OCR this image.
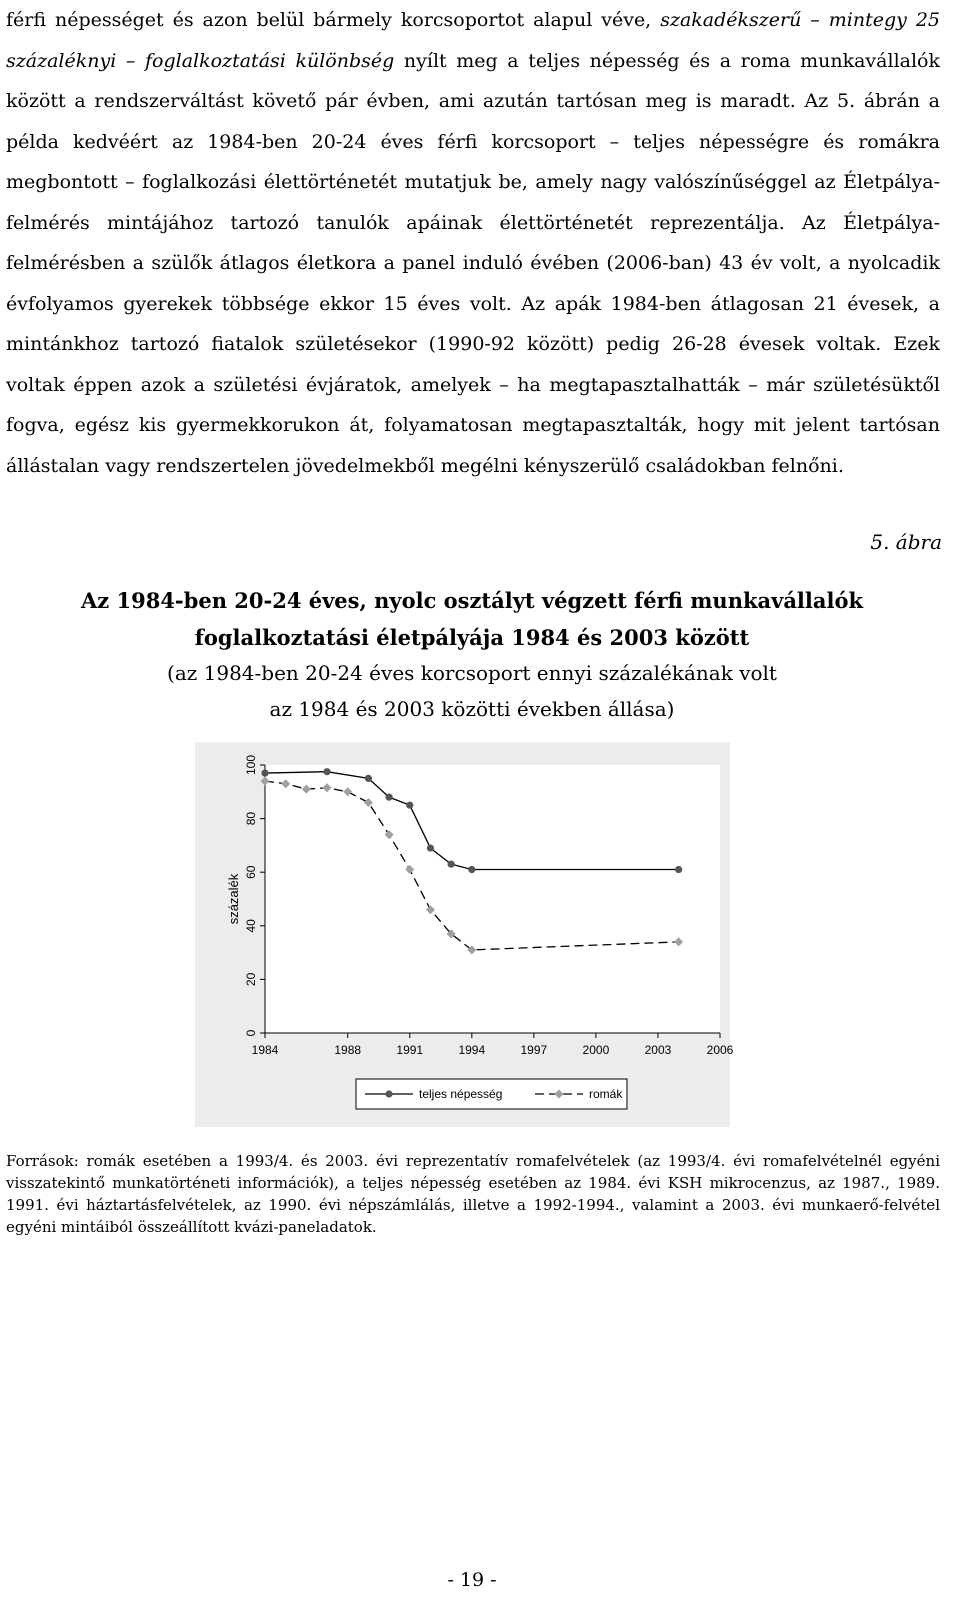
férfi népességet és azon belül bármely korcsoportot alapul véve, szakadékszerű – mintegy 25 százaléknyi – foglalkoztatási különbség nyílt meg a teljes népesség és a roma munkavállalók között a rendszerváltást követő pár évben, ami azután tartósan meg is maradt. Az 5. ábrán a példa kedvéért az 1984-ben 20-24 éves férfi korcsoport – teljes népességre és romákra megbontott – foglalkozási élettörténetét mutatjuk be, amely nagy valószínűséggel az Életpálya-felmérés mintájához tartozó tanulók apáinak élettörténetét reprezentálja. Az Életpálya-felmérésben a szülők átlagos életkora a panel induló évében (2006-ban) 43 év volt, a nyolcadik évfolyamos gyerekek többsége ekkor 15 éves volt. Az apák 1984-ben átlagosan 21 évesek, a mintánkhoz tartozó fiatalok születésekor (1990-92 között) pedig 26-28 évesek voltak. Ezek voltak éppen azok a születési évjáratok, amelyek – ha megtapasztalhatták – már születésüktől fogva, egész kis gyermekkorukon át, folyamatosan megtapasztalták, hogy mit jelent tartósan állástalan vagy rendszertelen jövedelmekből megélni kényszerülő családokban felnőni.

5. ábra

Az 1984-ben 20-24 éves, nyolc osztályt végzett férfi munkavállalók

foglalkoztatási életpályája 1984 és 2003 között

(az 1984-ben 20-24 éves korcsoport ennyi százalékának volt

az 1984 és 2003 közötti években állása)

0
20
40
60
80
100
1984	1988	1991	1994	1997	2000	2003	2006
százalék
teljes népesség	romák

Források: romák esetében a 1993/4. és 2003. évi reprezentatív romafelvételek (az 1993/4. évi romafelvételnél egyéni visszatekintő munkatörténeti információk), a teljes népesség esetében az 1984. évi KSH mikrocenzus, az 1987., 1989. 1991. évi háztartásfelvételek, az 1990. évi népszámlálás, illetve a 1992-1994., valamint a 2003. évi munkaerő-felvétel egyéni mintáiból összeállított kvázi-paneladatok.

- 19 -
